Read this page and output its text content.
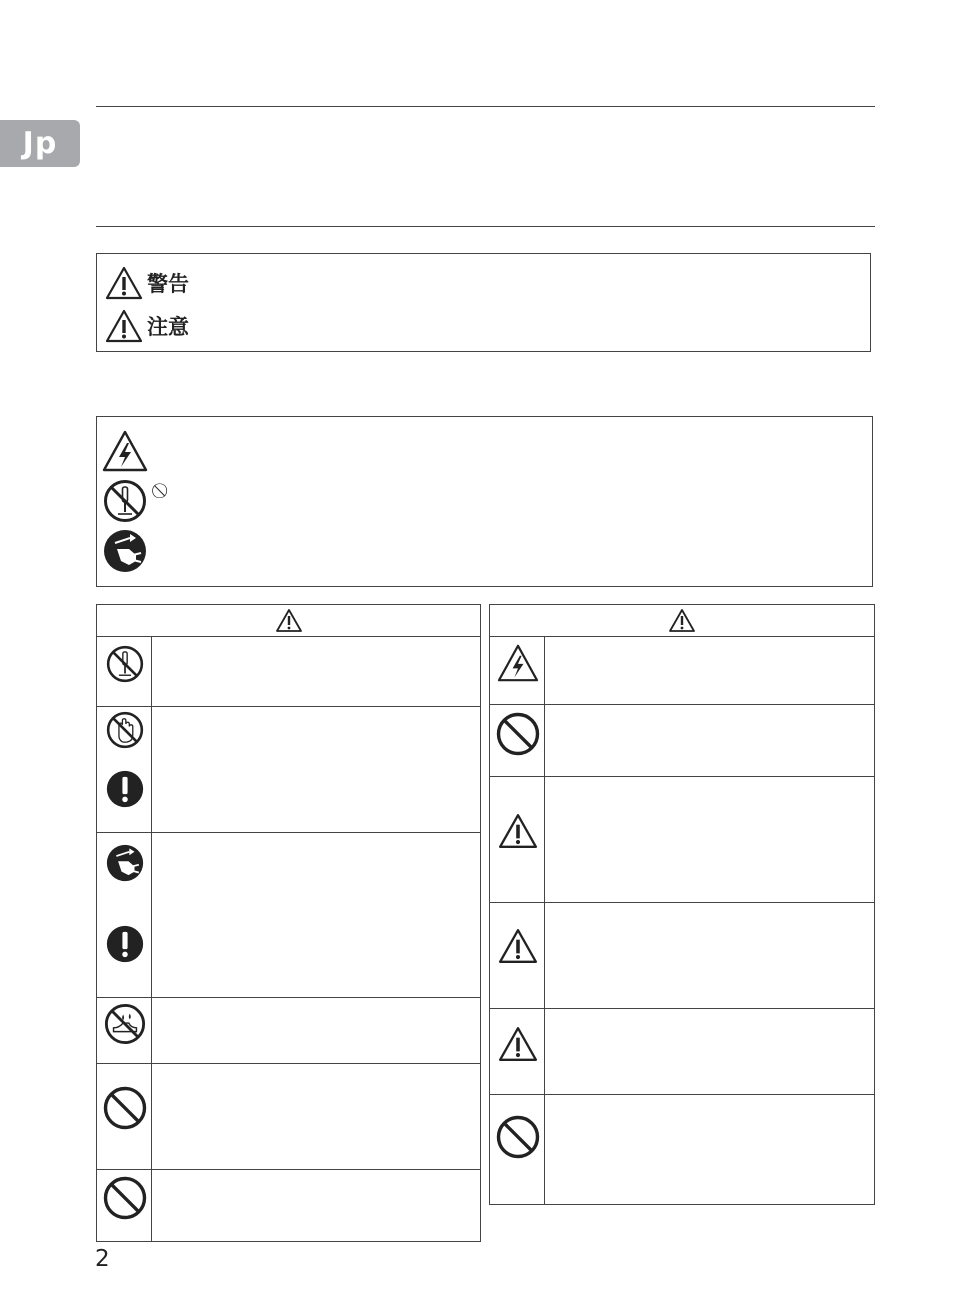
Jp
警告
注意
2
